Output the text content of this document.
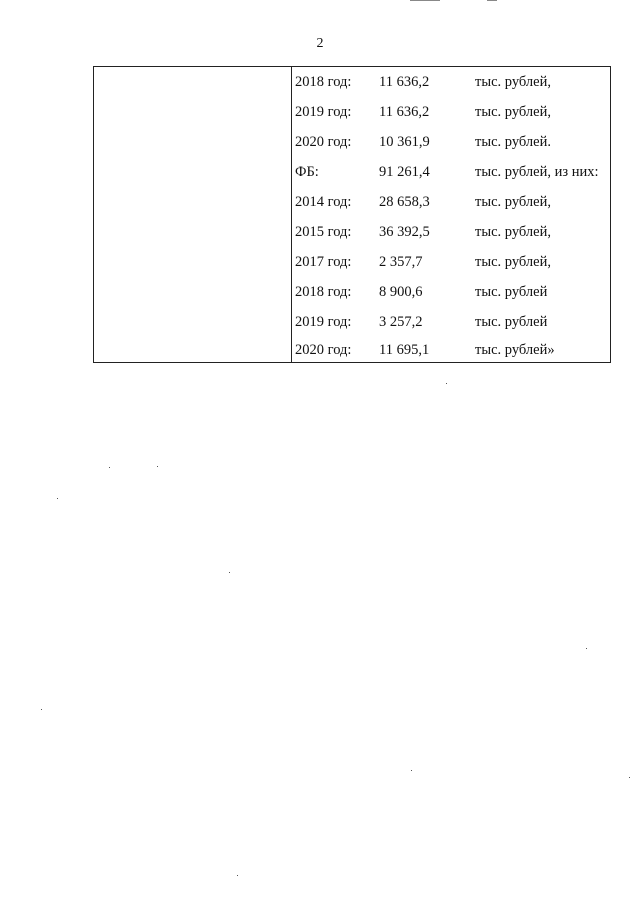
2
2018 год: 11 636,2	тыс. рублей,
2019 год: 11 636,2	тыс. рублей,
2020 год: 10 361,9	тыс. рублей.
ФБ:	91 261,4	тыс. рублей, из них:
2014 год: 28 658,3	тыс. рублей,
2015 год: 36 392,5	тыс. рублей,
2017 год: 2 357,7	тыс. рублей,
2018 год: 8 900,6	тыс. рублей
2019 год: 3 257,2	тыс. рублей
2020 год: 11 695,1	тыс. рублей»
